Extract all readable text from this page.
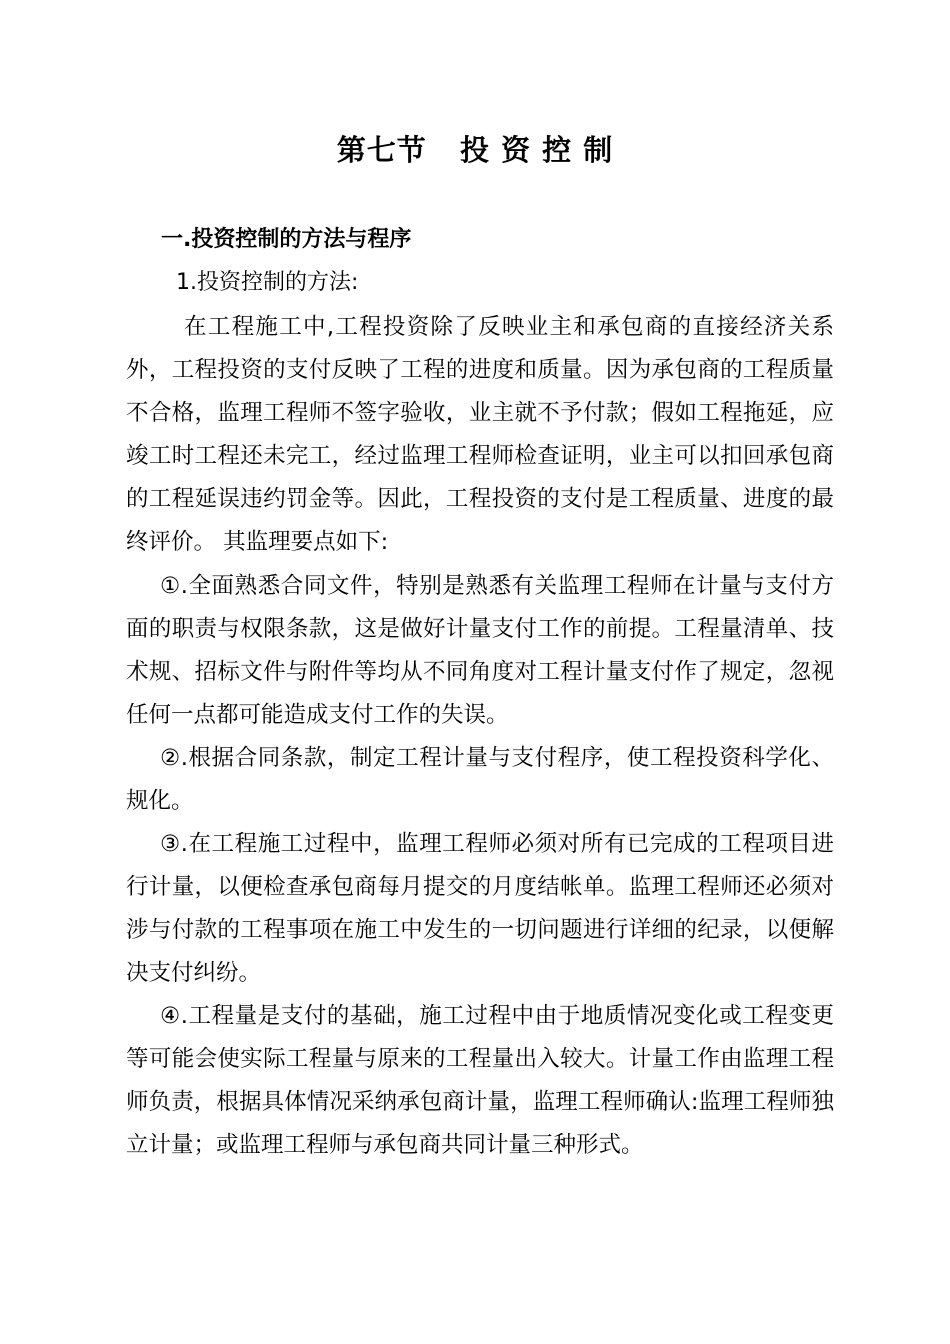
第七节   投 资 控 制
一.投资控制的方法与程序
1.投资控制的方法:

在工程施工中,工程投资除了反映业主和承包商的直接经济关系外，工程投资的支付反映了工程的进度和质量。因为承包商的工程质量不合格，监理工程师不签字验收，业主就不予付款；假如工程拖延，应竣工时工程还未完工，经过监理工程师检查证明，业主可以扣回承包商的工程延误违约罚金等。因此，工程投资的支付是工程质量、进度的最终评价。 其监理要点如下:

①.全面熟悉合同文件，特别是熟悉有关监理工程师在计量与支付方面的职责与权限条款，这是做好计量支付工作的前提。工程量清单、技术规、招标文件与附件等均从不同角度对工程计量支付作了规定，忽视任何一点都可能造成支付工作的失误。

②.根据合同条款，制定工程计量与支付程序，使工程投资科学化、规化。

③.在工程施工过程中，监理工程师必须对所有已完成的工程项目进行计量，以便检查承包商每月提交的月度结帐单。监理工程师还必须对涉与付款的工程事项在施工中发生的一切问题进行详细的纪录，以便解决支付纠纷。

④.工程量是支付的基础，施工过程中由于地质情况变化或工程变更等可能会使实际工程量与原来的工程量出入较大。计量工作由监理工程师负责，根据具体情况采纳承包商计量，监理工程师确认:监理工程师独立计量；或监理工程师与承包商共同计量三种形式。
